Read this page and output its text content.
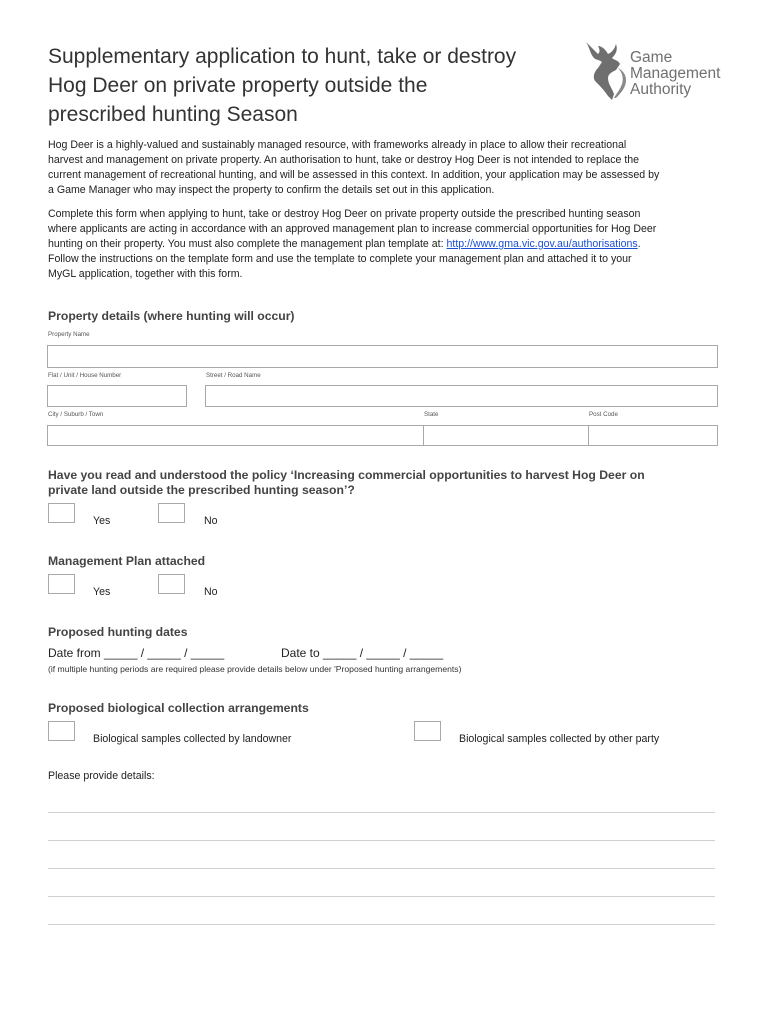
Supplementary application to hunt, take or destroy
Hog Deer on private property outside the
prescribed hunting Season
Game
Management
Authority
Hog Deer is a highly-valued and sustainably managed resource, with frameworks already in place to allow their recreational
harvest and management on private property. An authorisation to hunt, take or destroy Hog Deer is not intended to replace the
current management of recreational hunting, and will be assessed in this context. In addition, your application may be assessed by
a Game Manager who may inspect the property to confirm the details set out in this application.
Complete this form when applying to hunt, take or destroy Hog Deer on private property outside the prescribed hunting season
where applicants are acting in accordance with an approved management plan to increase commercial opportunities for Hog Deer
hunting on their property. You must also complete the management plan template at: http://www.gma.vic.gov.au/authorisations.
Follow the instructions on the template form and use the template to complete your management plan and attached it to your
MyGL application, together with this form.
Property details (where hunting will occur)
Property Name
Flat / Unit / House Number	Street / Road Name
City / Suburb / Town	State	Post Code
Have you read and understood the policy ‘Increasing commercial opportunities to harvest Hog Deer on
private land outside the prescribed hunting season’?
Yes	No
Management Plan attached
Yes	No
Proposed hunting dates
Date from _____ / _____ / _____	Date to _____ / _____ / _____
(if multiple hunting periods are required please provide details below under 'Proposed hunting arrangements)
Proposed biological collection arrangements
Biological samples collected by landowner	Biological samples collected by other party
Please provide details:
